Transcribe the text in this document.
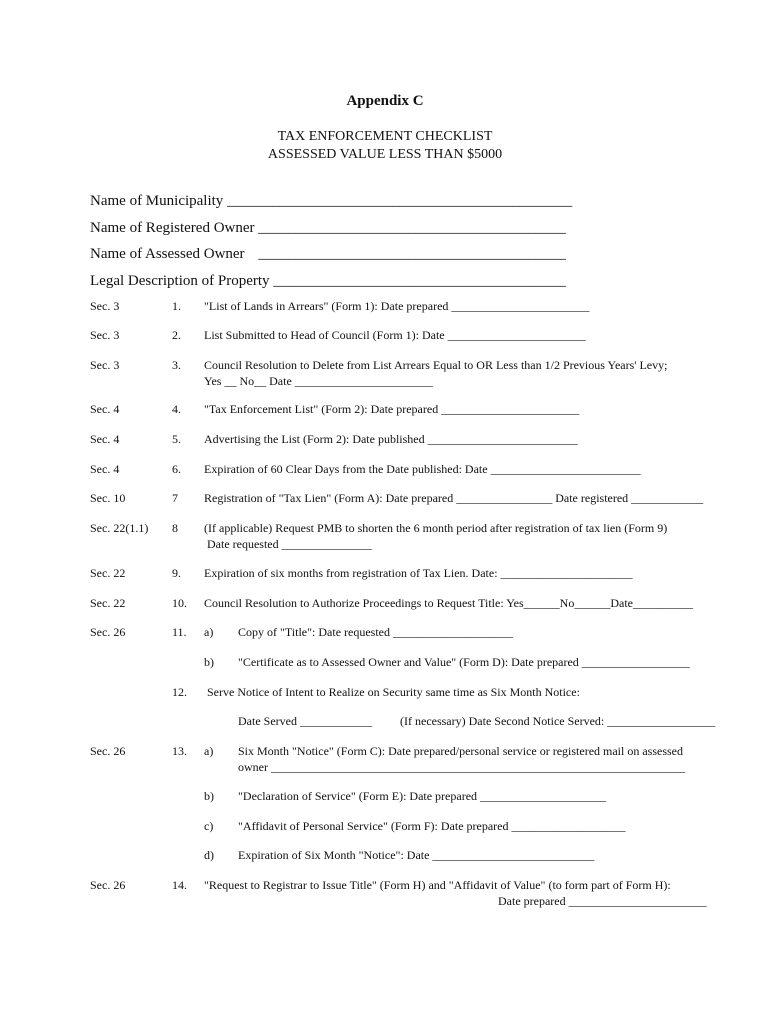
Appendix C
TAX ENFORCEMENT CHECKLIST
ASSESSED VALUE LESS THAN $5000
Name of Municipality ______________________________________________
Name of Registered Owner _________________________________________
Name of Assessed Owner _________________________________________
Legal Description of Property _______________________________________
Sec. 3	1. "List of Lands in Arrears" (Form 1): Date prepared _______________________
Sec. 3	2. List Submitted to Head of Council (Form 1): Date _______________________
Sec. 3	3. Council Resolution to Delete from List Arrears Equal to OR Less than 1/2 Previous Years' Levy;
Yes __ No__ Date _______________________
Sec. 4	4. "Tax Enforcement List" (Form 2): Date prepared _______________________
Sec. 4	5. Advertising the List (Form 2): Date published _________________________
Sec. 4	6. Expiration of 60 Clear Days from the Date published: Date _________________________
Sec. 10	7 Registration of "Tax Lien" (Form A): Date prepared ________________ Date registered ____________
Sec. 22(1.1) 8 (If applicable) Request PMB to shorten the 6 month period after registration of tax lien (Form 9)
Date requested _______________
Sec. 22	9. Expiration of six months from registration of Tax Lien. Date: ______________________
Sec. 22	10. Council Resolution to Authorize Proceedings to Request Title: Yes______No______Date__________
Sec. 26	11. a) Copy of "Title": Date requested ____________________
b) "Certificate as to Assessed Owner and Value" (Form D): Date prepared __________________
12. Serve Notice of Intent to Realize on Security same time as Six Month Notice:
Date Served ____________ (If necessary) Date Second Notice Served: __________________
Sec. 26	13. a) Six Month "Notice" (Form C): Date prepared/personal service or registered mail on assessed
owner _____________________________________________________________________
b) "Declaration of Service" (Form E): Date prepared _____________________
c) "Affidavit of Personal Service" (Form F): Date prepared ___________________
d) Expiration of Six Month "Notice": Date ___________________________
Sec. 26	14. "Request to Registrar to Issue Title" (Form H) and "Affidavit of Value" (to form part of Form H):
Date prepared _______________________
